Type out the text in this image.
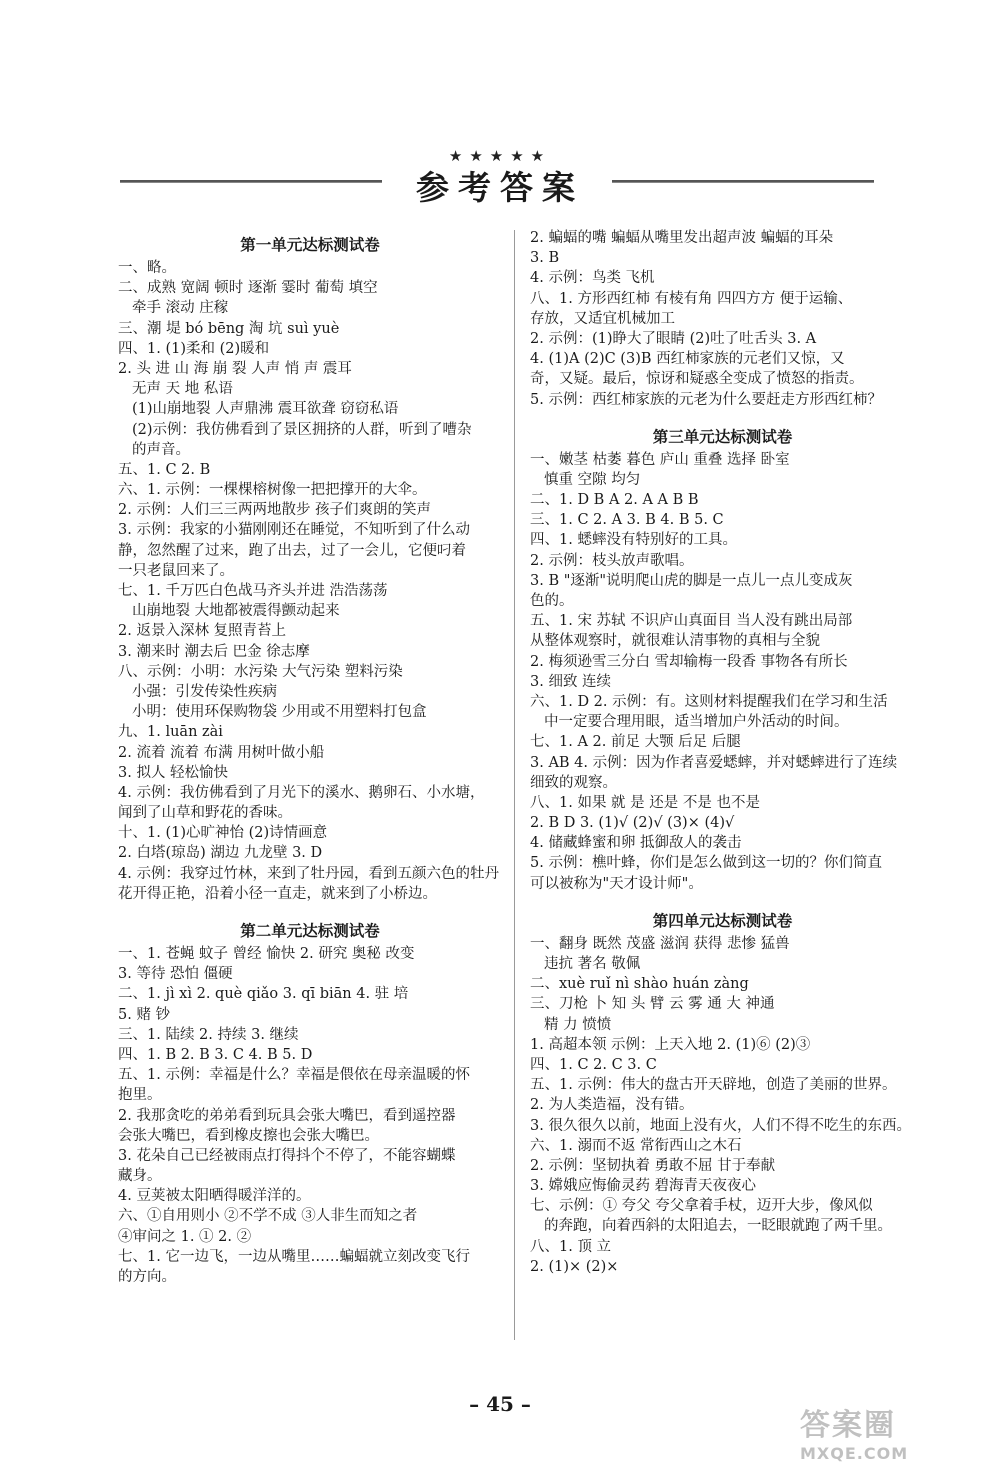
★★★★★
参考答案
第一单元达标测试卷
一、略。
二、成熟 宽阔 顿时 逐渐 霎时 葡萄 填空
牵手 滚动 庄稼
三、潮 堤 bó bēng 淘 坑 suì yuè
四、1. (1)柔和 (2)暖和
2. 头 进 山 海 崩 裂 人声 悄 声 震耳
无声 天 地 私语
(1)山崩地裂 人声鼎沸 震耳欲聋 窃窃私语
(2)示例：我仿佛看到了景区拥挤的人群，听到了嘈杂
的声音。
五、1. C 2. B
六、1. 示例：一棵棵榕树像一把把撑开的大伞。
2. 示例：人们三三两两地散步 孩子们爽朗的笑声
3. 示例：我家的小猫刚刚还在睡觉，不知听到了什么动
静，忽然醒了过来，跑了出去，过了一会儿，它便叼着
一只老鼠回来了。
七、1. 千万匹白色战马齐头并进 浩浩荡荡
山崩地裂 大地都被震得颤动起来
2. 返景入深林 复照青苔上
3. 潮来时 潮去后 巴金 徐志摩
八、示例：小明：水污染 大气污染 塑料污染
小强：引发传染性疾病
小明：使用环保购物袋 少用或不用塑料打包盒
九、1. luān zài
2. 流着 流着 布满 用树叶做小船
3. 拟人 轻松愉快
4. 示例：我仿佛看到了月光下的溪水、鹅卵石、小水塘，
闻到了山草和野花的香味。
十、1. (1)心旷神怡 (2)诗情画意
2. 白塔(琼岛) 湖边 九龙壁 3. D
4. 示例：我穿过竹林，来到了牡丹园，看到五颜六色的牡丹
花开得正艳，沿着小径一直走，就来到了小桥边。
第二单元达标测试卷
一、1. 苍蝇 蚊子 曾经 愉快 2. 研究 奥秘 改变
3. 等待 恐怕 僵硬
二、1. jì xì 2. què qiǎo 3. qī biān 4. 驻 培
5. 赌 钞
三、1. 陆续 2. 持续 3. 继续
四、1. B 2. B 3. C 4. B 5. D
五、1. 示例：幸福是什么？幸福是偎依在母亲温暖的怀
抱里。
2. 我那贪吃的弟弟看到玩具会张大嘴巴，看到遥控器
会张大嘴巴，看到橡皮擦也会张大嘴巴。
3. 花朵自己已经被雨点打得抖个不停了，不能容蝴蝶
藏身。
4. 豆荚被太阳晒得暖洋洋的。
六、①自用则小 ②不学不成 ③人非生而知之者
④审问之 1. ① 2. ②
七、1. 它一边飞，一边从嘴里……蝙蝠就立刻改变飞行
的方向。
2. 蝙蝠的嘴 蝙蝠从嘴里发出超声波 蝙蝠的耳朵
3. B
4. 示例：鸟类 飞机
八、1. 方形西红柿 有棱有角 四四方方 便于运输、
存放，又适宜机械加工
2. 示例：(1)睁大了眼睛 (2)吐了吐舌头 3. A
4. (1)A (2)C (3)B 西红柿家族的元老们又惊，又
奇，又疑。最后，惊讶和疑惑全变成了愤怒的指责。
5. 示例：西红柿家族的元老为什么要赶走方形西红柿？
第三单元达标测试卷
一、嫩茎 枯萎 暮色 庐山 重叠 选择 卧室
慎重 空隙 均匀
二、1. D B A 2. A A B B
三、1. C 2. A 3. B 4. B 5. C
四、1. 蟋蟀没有特别好的工具。
2. 示例：枝头放声歌唱。
3. B "逐渐"说明爬山虎的脚是一点儿一点儿变成灰
色的。
五、1. 宋 苏轼 不识庐山真面目 当人没有跳出局部
从整体观察时，就很难认清事物的真相与全貌
2. 梅须逊雪三分白 雪却输梅一段香 事物各有所长
3. 细致 连续
六、1. D 2. 示例：有。这则材料提醒我们在学习和生活
中一定要合理用眼，适当增加户外活动的时间。
七、1. A 2. 前足 大颚 后足 后腿
3. AB 4. 示例：因为作者喜爱蟋蟀，并对蟋蟀进行了连续
细致的观察。
八、1. 如果 就 是 还是 不是 也不是
2. B D 3. (1)√ (2)√ (3)× (4)√
4. 储藏蜂蜜和卵 抵御敌人的袭击
5. 示例：樵叶蜂，你们是怎么做到这一切的？你们简直
可以被称为"天才设计师"。
第四单元达标测试卷
一、翻身 既然 茂盛 滋润 获得 悲惨 猛兽
违抗 著名 敬佩
二、xuè ruǐ nì shào huán zàng
三、刀枪 卜 知 头 臂 云 雾 通 大 神通
精 力 愤愤
1. 高超本领 示例：上天入地 2. (1)⑥ (2)③
四、1. C 2. C 3. C
五、1. 示例：伟大的盘古开天辟地，创造了美丽的世界。
2. 为人类造福，没有错。
3. 很久很久以前，地面上没有火，人们不得不吃生的东西。
六、1. 溺而不返 常衔西山之木石
2. 示例：坚韧执着 勇敢不屈 甘于奉献
3. 嫦娥应悔偷灵药 碧海青天夜夜心
七、示例：① 夸父 夸父拿着手杖，迈开大步，像风似
的奔跑，向着西斜的太阳追去，一眨眼就跑了两千里。
八、1. 顶 立
2. (1)× (2)×
– 45 –
答案圈
MXQE.COM
